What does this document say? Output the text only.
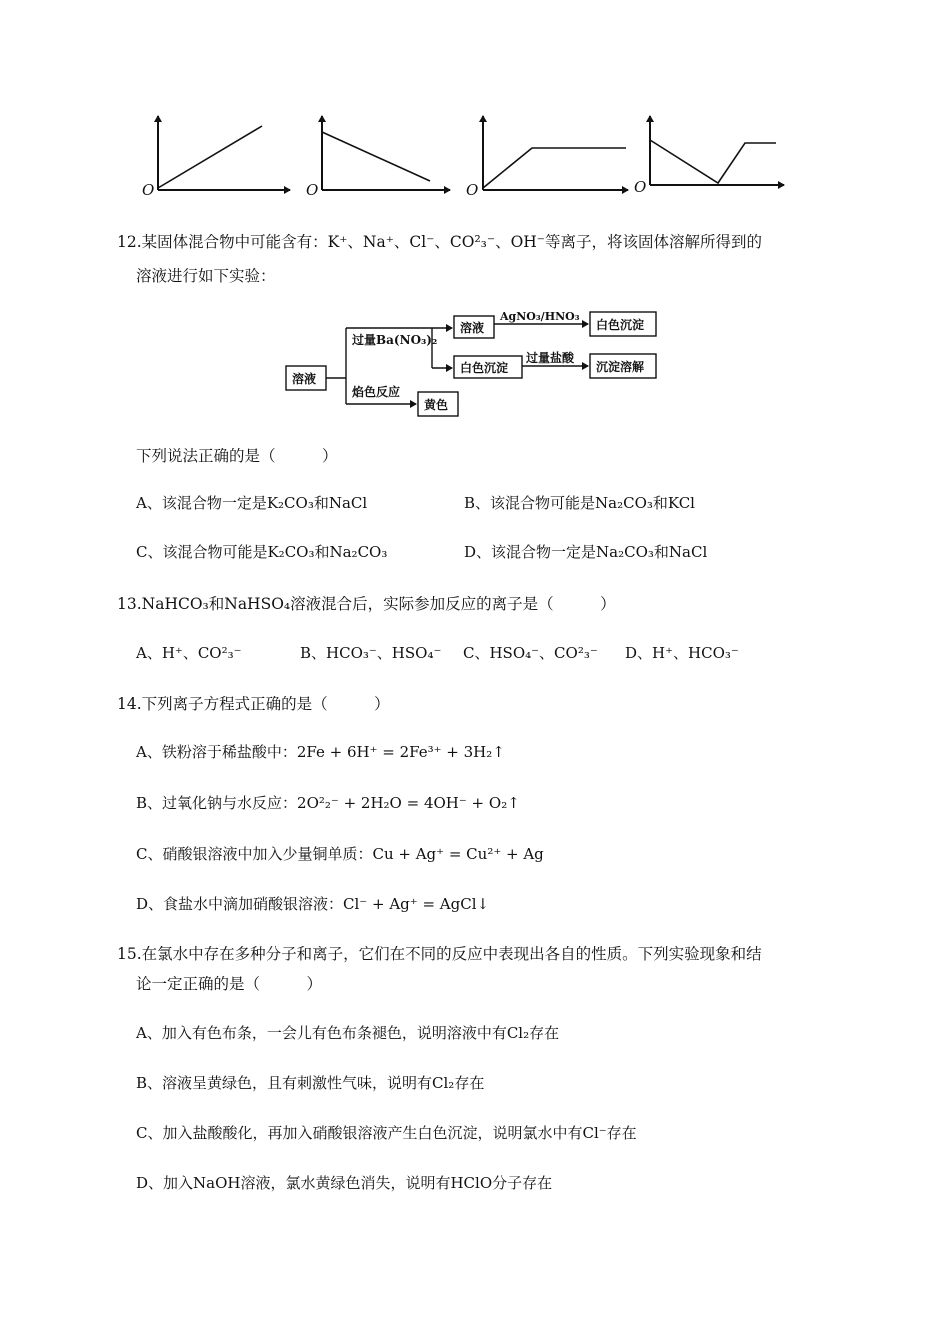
O	O	O	O
12.某固体混合物中可能含有：K⁺、Na⁺、Cl⁻、CO²₃⁻、OH⁻等离子，将该固体溶解所得到的
溶液进行如下实验：
溶液
溶液	白色沉淀
白色沉淀	沉淀溶解
黄色
过量Ba(NO₃)₂
AgNO₃/HNO₃
过量盐酸
焰色反应
下列说法正确的是（　　　）
A、该混合物一定是K₂CO₃和NaCl	B、该混合物可能是Na₂CO₃和KCl
C、该混合物可能是K₂CO₃和Na₂CO₃	D、该混合物一定是Na₂CO₃和NaCl
13.NaHCO₃和NaHSO₄溶液混合后，实际参加反应的离子是（　　　）
A、H⁺、CO²₃⁻	B、HCO₃⁻、HSO₄⁻ C、HSO₄⁻、CO²₃⁻ D、H⁺、HCO₃⁻
14.下列离子方程式正确的是（　　　）
A、铁粉溶于稀盐酸中：2Fe + 6H⁺ = 2Fe³⁺ + 3H₂↑
B、过氧化钠与水反应：2O²₂⁻ + 2H₂O = 4OH⁻ + O₂↑
C、硝酸银溶液中加入少量铜单质：Cu + Ag⁺ = Cu²⁺ + Ag
D、食盐水中滴加硝酸银溶液：Cl⁻ + Ag⁺ = AgCl↓
15.在氯水中存在多种分子和离子，它们在不同的反应中表现出各自的性质。下列实验现象和结
论一定正确的是（　　　）
A、加入有色布条，一会儿有色布条褪色，说明溶液中有Cl₂存在
B、溶液呈黄绿色，且有刺激性气味，说明有Cl₂存在
C、加入盐酸酸化，再加入硝酸银溶液产生白色沉淀，说明氯水中有Cl⁻存在
D、加入NaOH溶液，氯水黄绿色消失，说明有HClO分子存在
